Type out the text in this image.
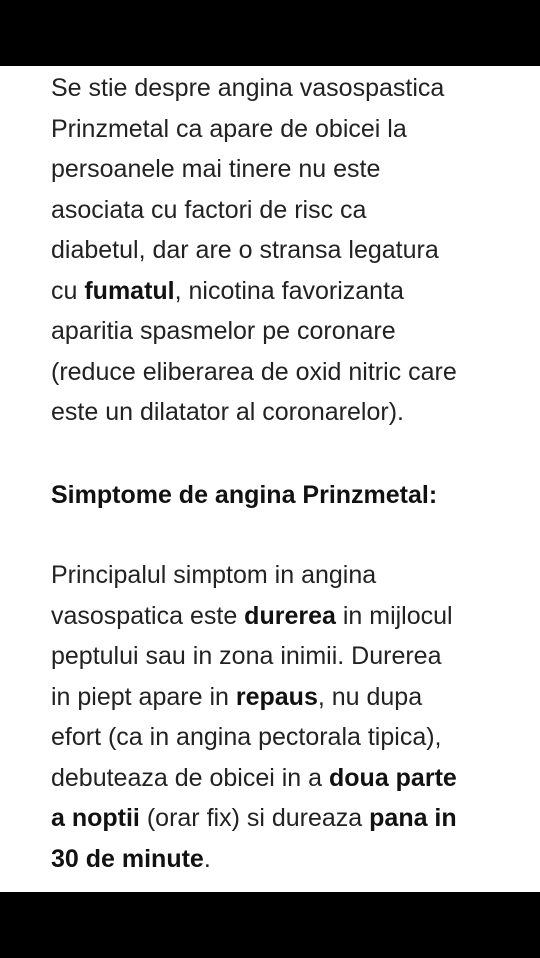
Se stie despre angina vasospastica
Prinzmetal ca apare de obicei la
persoanele mai tinere nu este
asociata cu factori de risc ca
diabetul, dar are o stransa legatura
cu fumatul, nicotina favorizanta
aparitia spasmelor pe coronare
(reduce eliberarea de oxid nitric care
este un dilatator al coronarelor).
Simptome de angina Prinzmetal:
Principalul simptom in angina
vasospatica este durerea in mijlocul
peptului sau in zona inimii. Durerea
in piept apare in repaus, nu dupa
efort (ca in angina pectorala tipica),
debuteaza de obicei in a doua parte
a noptii (orar fix) si dureaza pana in
30 de minute.
